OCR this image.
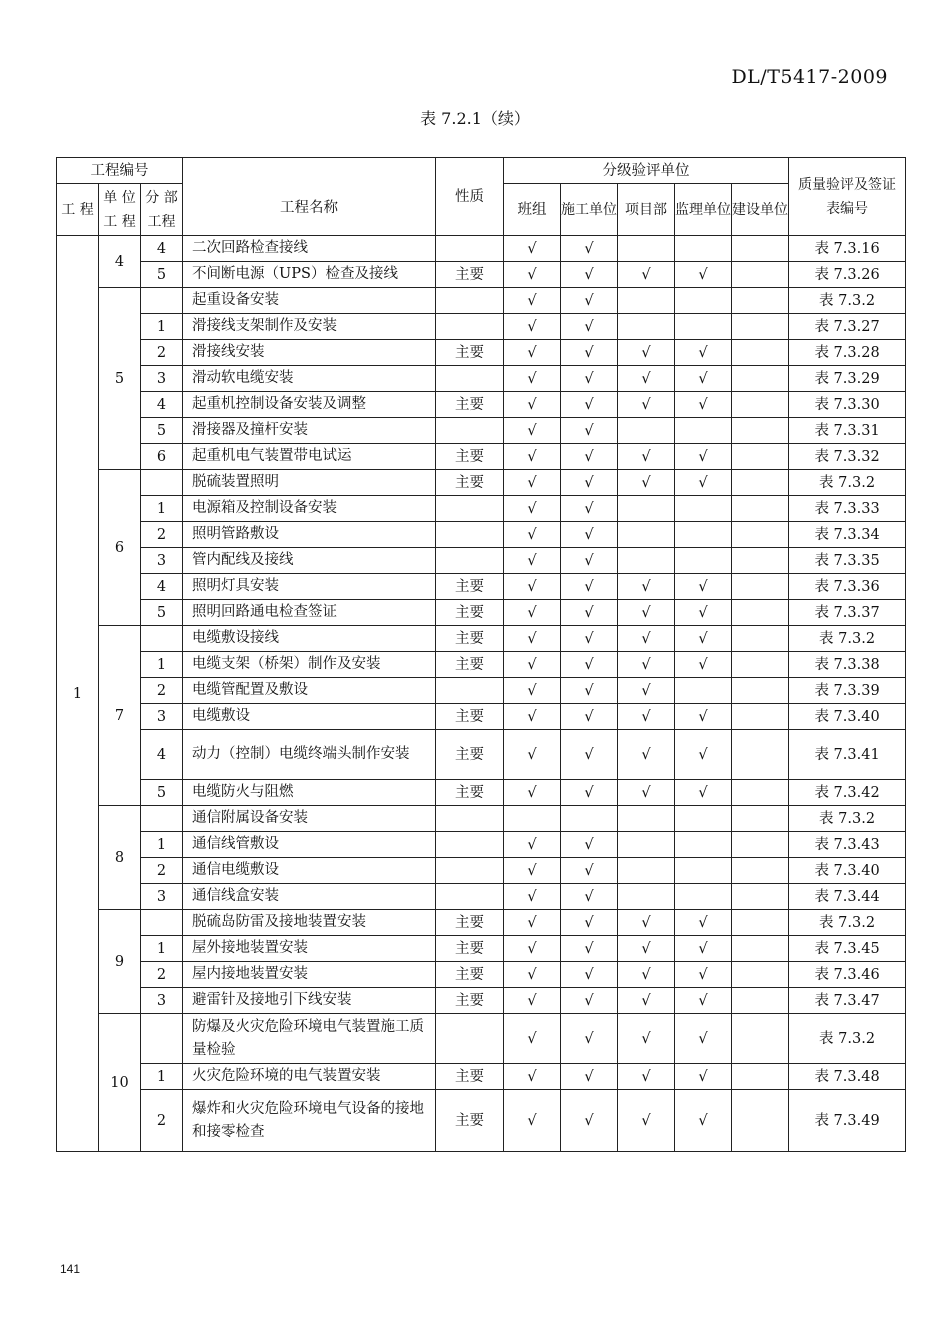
DL/T5417-2009
表 7.2.1（续）
工程编号			工程名称	性质	分级验评单位					质量验评及签证表编号
工 程	单 位工 程	分 部工程			班组	施工单位	项目部	监理单位	建设单位	
1	4	4	二次回路检查接线		√	√				表 7.3.16
		5	不间断电源（UPS）检查及接线	主要	√	√	√	√		表 7.3.26
	5		起重设备安装		√	√				表 7.3.2
		1	滑接线支架制作及安装		√	√				表 7.3.27
		2	滑接线安装	主要	√	√	√	√		表 7.3.28
		3	滑动软电缆安装		√	√	√	√		表 7.3.29
		4	起重机控制设备安装及调整	主要	√	√	√	√		表 7.3.30
		5	滑接器及撞杆安装		√	√				表 7.3.31
		6	起重机电气装置带电试运	主要	√	√	√	√		表 7.3.32
	6		脱硫装置照明	主要	√	√	√	√		表 7.3.2
		1	电源箱及控制设备安装		√	√				表 7.3.33
		2	照明管路敷设		√	√				表 7.3.34
		3	管内配线及接线		√	√				表 7.3.35
		4	照明灯具安装	主要	√	√	√	√		表 7.3.36
		5	照明回路通电检查签证	主要	√	√	√	√		表 7.3.37
	7		电缆敷设接线	主要	√	√	√	√		表 7.3.2
		1	电缆支架（桥架）制作及安装	主要	√	√	√	√		表 7.3.38
		2	电缆管配置及敷设		√	√	√			表 7.3.39
		3	电缆敷设	主要	√	√	√	√		表 7.3.40
		4	动力（控制）电缆终端头制作安装	主要	√	√	√	√		表 7.3.41
		5	电缆防火与阻燃	主要	√	√	√	√		表 7.3.42
	8		通信附属设备安装							表 7.3.2
		1	通信线管敷设		√	√				表 7.3.43
		2	通信电缆敷设		√	√				表 7.3.40
		3	通信线盒安装		√	√				表 7.3.44
	9		脱硫岛防雷及接地装置安装	主要	√	√	√	√		表 7.3.2
		1	屋外接地装置安装	主要	√	√	√	√		表 7.3.45
		2	屋内接地装置安装	主要	√	√	√	√		表 7.3.46
		3	避雷针及接地引下线安装	主要	√	√	√	√		表 7.3.47
	10		防爆及火灾危险环境电气装置施工质量检验		√	√	√	√		表 7.3.2
		1	火灾危险环境的电气装置安装	主要	√	√	√	√		表 7.3.48
		2	爆炸和火灾危险环境电气设备的接地和接零检查	主要	√	√	√	√		表 7.3.49
141
